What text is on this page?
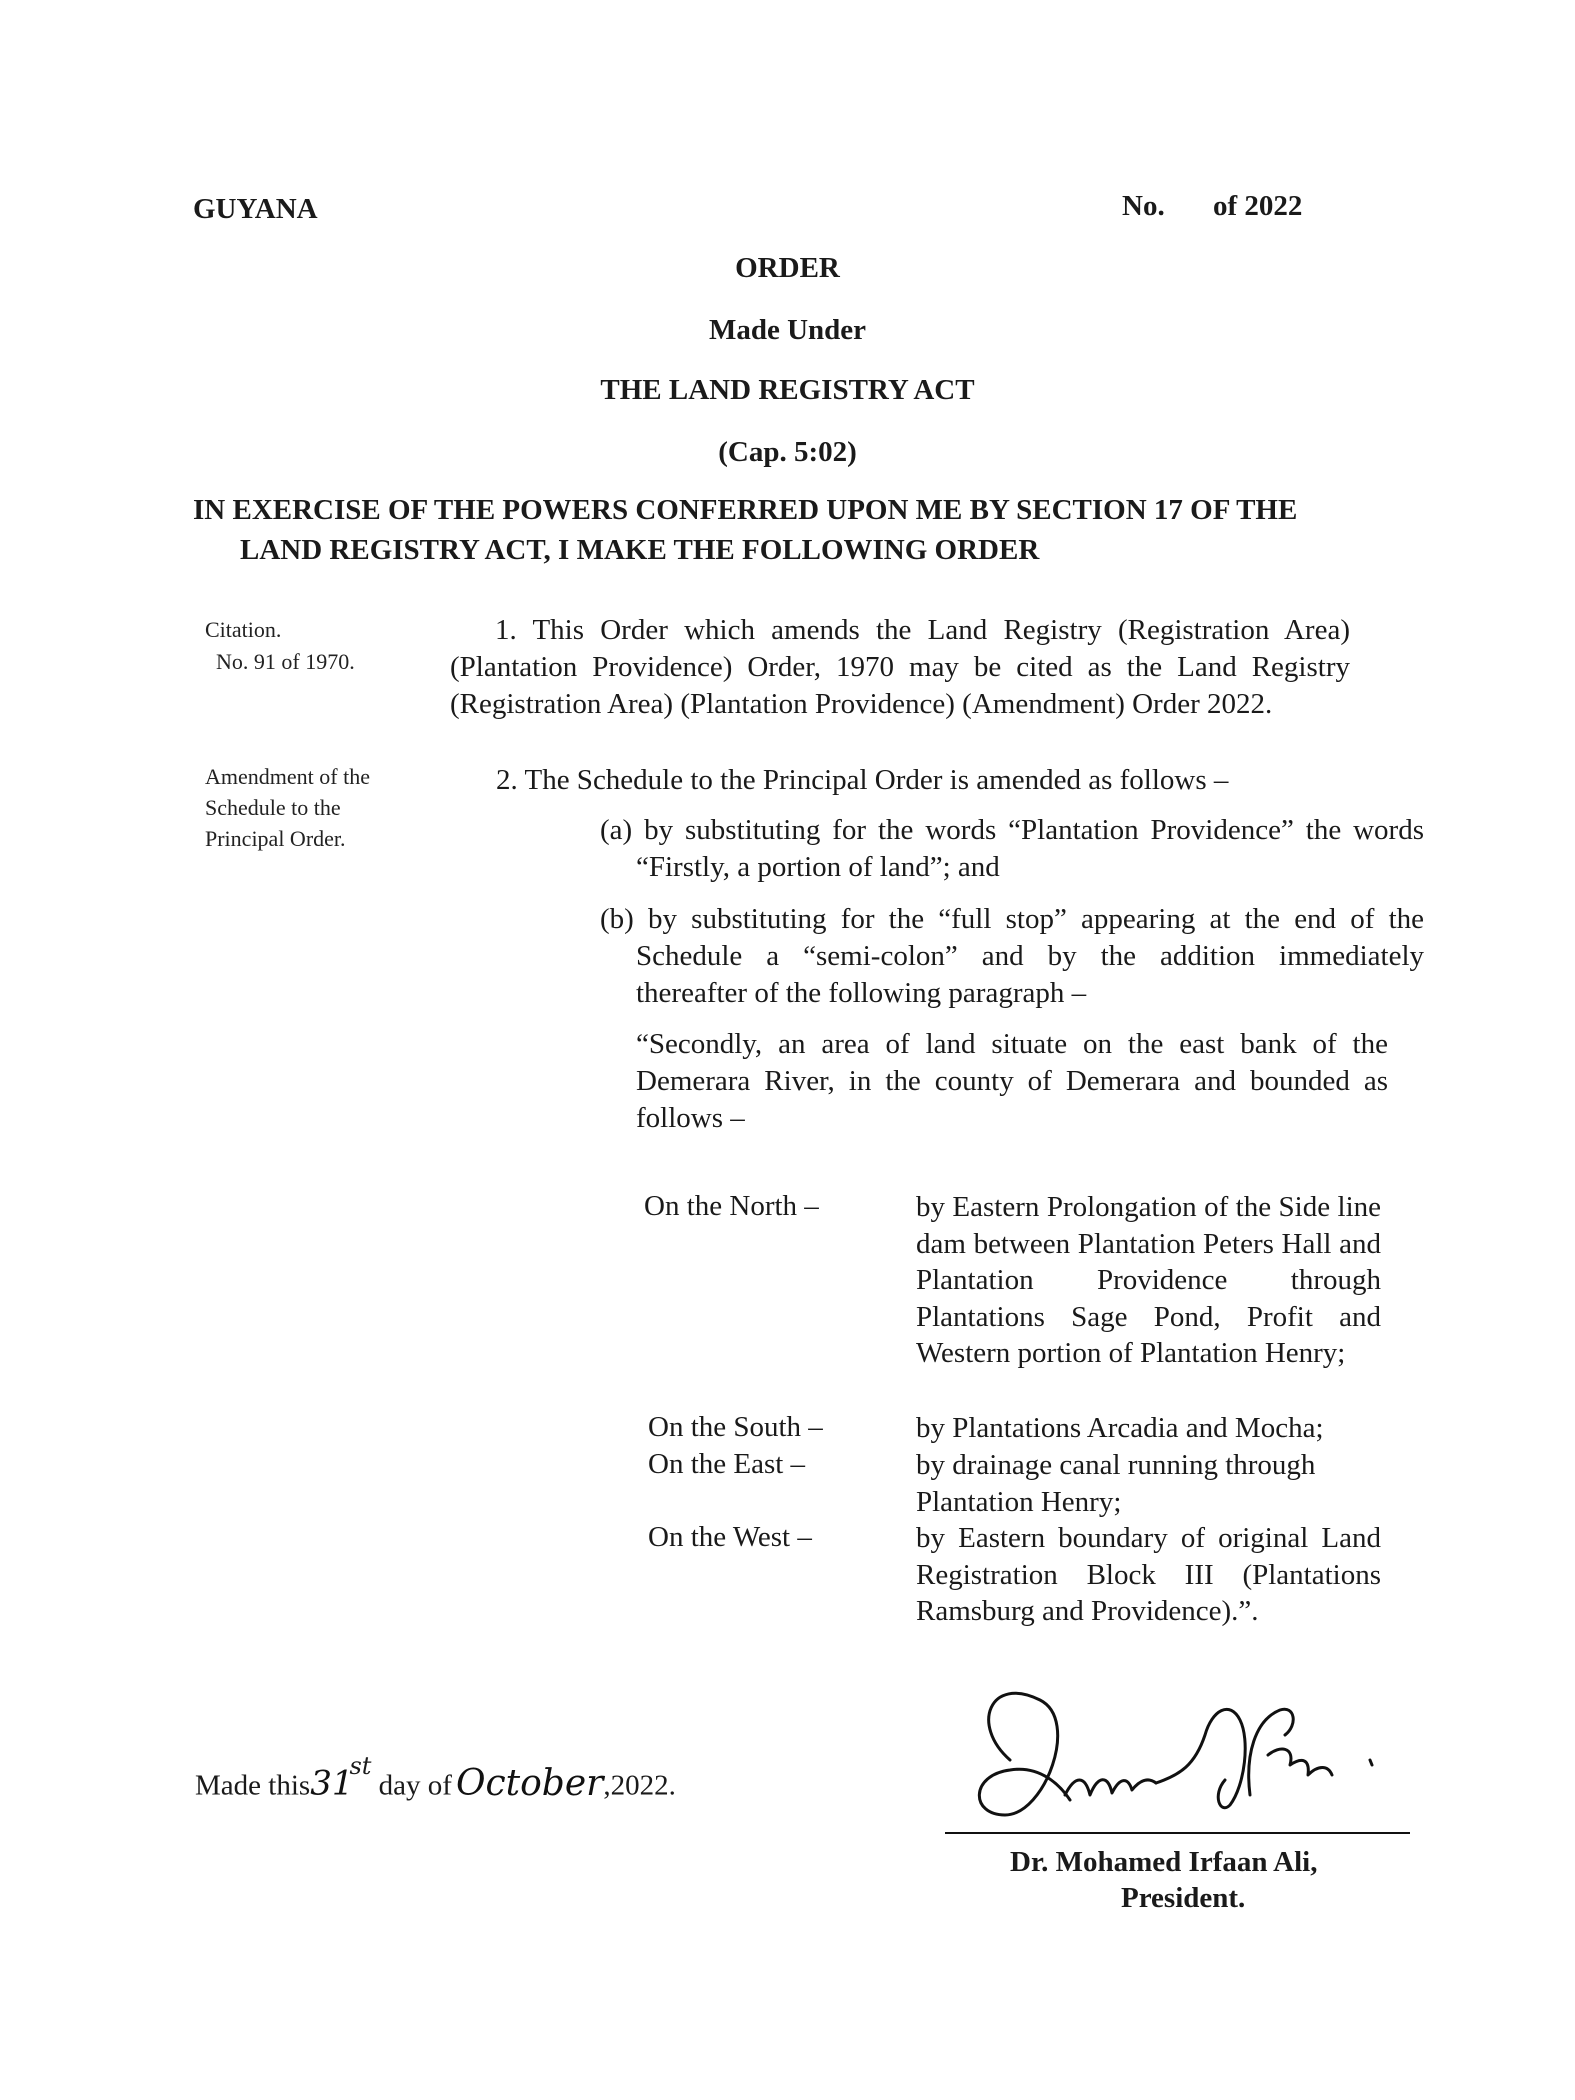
GUYANA	No. of 2022
ORDER
Made Under
THE LAND REGISTRY ACT
(Cap. 5:02)
IN EXERCISE OF THE POWERS CONFERRED UPON ME BY SECTION 17 OF THE
LAND REGISTRY ACT, I MAKE THE FOLLOWING ORDER
Citation.
No. 91 of 1970.
1. This Order which amends the Land Registry (Registration Area) (Plantation Providence) Order, 1970 may be cited as the Land Registry (Registration Area) (Plantation Providence) (Amendment) Order 2022.
Amendment of the Schedule to the Principal Order.
2. The Schedule to the Principal Order is amended as follows –
(a) by substituting for the words “Plantation Providence” the words “Firstly, a portion of land”; and
(b) by substituting for the “full stop” appearing at the end of the Schedule a “semi-colon” and by the addition immediately thereafter of the following paragraph –
“Secondly, an area of land situate on the east bank of the Demerara River, in the county of Demerara and bounded as follows –
On the North –	by Eastern Prolongation of the Side line dam between Plantation Peters Hall and Plantation Providence through Plantations Sage Pond, Profit and Western portion of Plantation Henry;
On the South –	by Plantations Arcadia and Mocha;
On the East –	by drainage canal running through Plantation Henry;
On the West –	by Eastern boundary of original Land Registration Block III (Plantations Ramsburg and Providence).”.
Made this31st day of October,2022.
Dr. Mohamed Irfaan Ali,
President.
